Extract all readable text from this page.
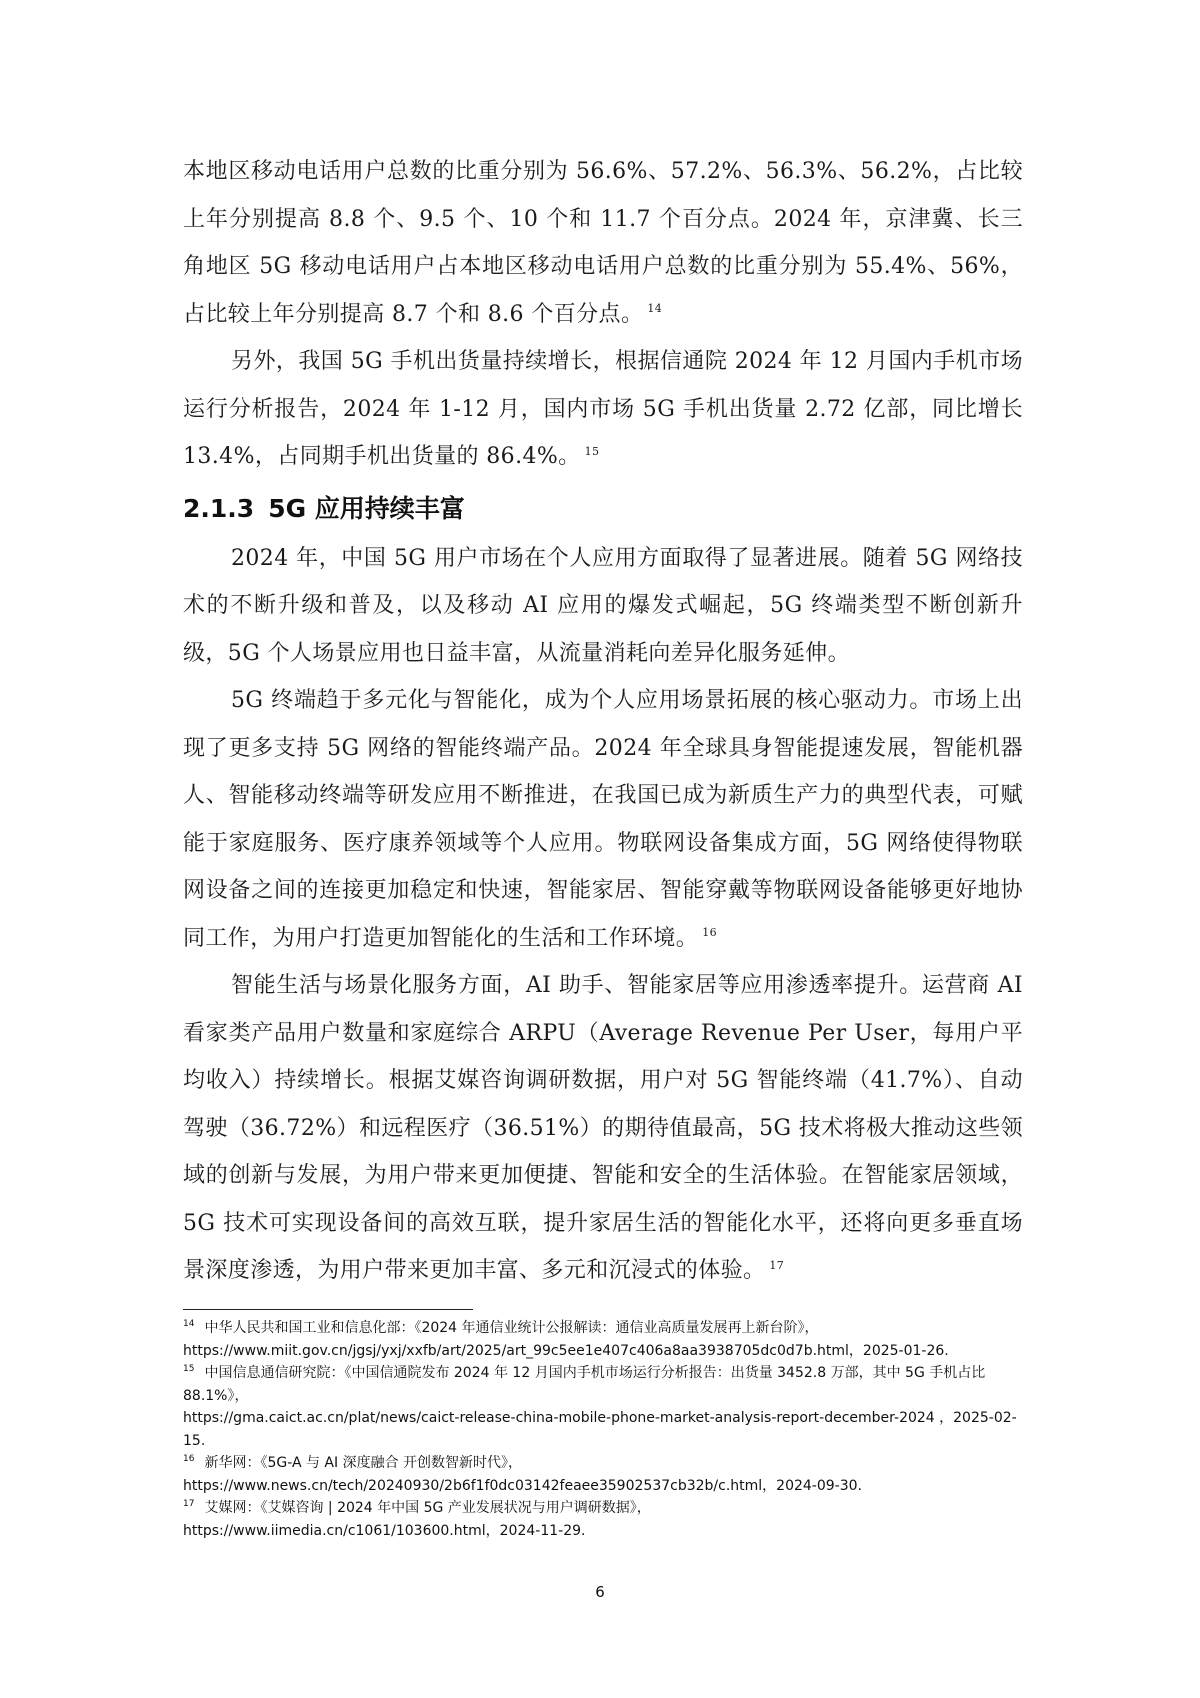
本地区移动电话用户总数的比重分别为 56.6%、57.2%、56.3%、56.2%，占比较上年分别提高 8.8 个、9.5 个、10 个和 11.7 个百分点。2024 年，京津冀、长三角地区 5G 移动电话用户占本地区移动电话用户总数的比重分别为 55.4%、56%，占比较上年分别提高 8.7 个和 8.6 个百分点。 $^{14}$

另外，我国 5G 手机出货量持续增长，根据信通院 2024 年 12 月国内手机市场运行分析报告，2024 年 1-12 月，国内市场 5G 手机出货量 2.72 亿部，同比增长 13.4%，占同期手机出货量的 86.4%。 $^{15}$

2.1.3 5G 应用持续丰富

2024 年，中国 5G 用户市场在个人应用方面取得了显著进展。随着 5G 网络技术的不断升级和普及，以及移动 AI 应用的爆发式崛起，5G 终端类型不断创新升级，5G 个人场景应用也日益丰富，从流量消耗向差异化服务延伸。

5G 终端趋于多元化与智能化，成为个人应用场景拓展的核心驱动力。市场上出现了更多支持 5G 网络的智能终端产品。2024 年全球具身智能提速发展，智能机器人、智能移动终端等研发应用不断推进，在我国已成为新质生产力的典型代表，可赋能于家庭服务、医疗康养领域等个人应用。物联网设备集成方面，5G 网络使得物联网设备之间的连接更加稳定和快速，智能家居、智能穿戴等物联网设备能够更好地协同工作，为用户打造更加智能化的生活和工作环境。 $^{16}$

智能生活与场景化服务方面，AI 助手、智能家居等应用渗透率提升。运营商 AI 看家类产品用户数量和家庭综合 ARPU（Average Revenue Per User，每用户平均收入）持续增长。根据艾媒咨询调研数据，用户对 5G 智能终端（41.7%）、自动驾驶（36.72%）和远程医疗（36.51%）的期待值最高，5G 技术将极大推动这些领域的创新与发展，为用户带来更加便捷、智能和安全的生活体验。在智能家居领域，5G 技术可实现设备间的高效互联，提升家居生活的智能化水平，还将向更多垂直场景深度渗透，为用户带来更加丰富、多元和沉浸式的体验。 $^{17}$

$^{14}$ 中华人民共和国工业和信息化部：《2024 年通信业统计公报解读：通信业高质量发展再上新台阶》，
https://www.miit.gov.cn/jgsj/yxj/xxfb/art/2025/art_99c5ee1e407c406a8aa3938705dc0d7b.html，2025-01-26.
$^{15}$ 中国信息通信研究院：《中国信通院发布 2024 年 12 月国内手机市场运行分析报告：出货量 3452.8 万部，其中 5G 手机占比 88.1%》，
https://gma.caict.ac.cn/plat/news/caict-release-china-mobile-phone-market-analysis-report-december-2024 ，2025-02-15.
$^{16}$ 新华网：《5G-A 与 AI 深度融合 开创数智新时代》，
https://www.news.cn/tech/20240930/2b6f1f0dc03142feaee35902537cb32b/c.html，2024-09-30.
$^{17}$ 艾媒网：《艾媒咨询 | 2024 年中国 5G 产业发展状况与用户调研数据》，
https://www.iimedia.cn/c1061/103600.html，2024-11-29.
6
